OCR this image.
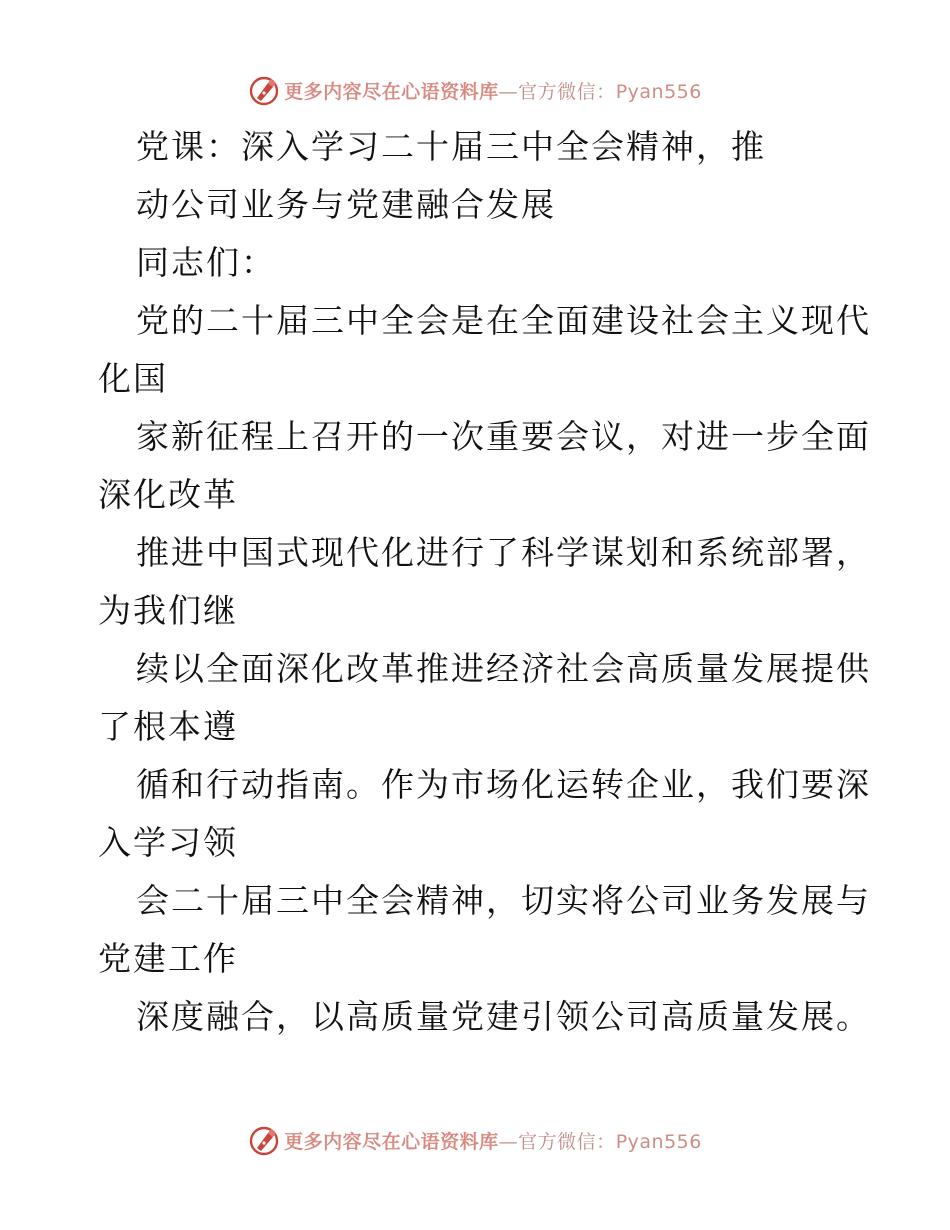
更多内容尽在心语资料库—官方微信：Pyan556
党课：深入学习二十届三中全会精神，推
动公司业务与党建融合发展
同志们：
党的二十届三中全会是在全面建设社会主义现代
化国
家新征程上召开的一次重要会议，对进一步全面
深化改革
推进中国式现代化进行了科学谋划和系统部署，
为我们继
续以全面深化改革推进经济社会高质量发展提供
了根本遵
循和行动指南。作为市场化运转企业，我们要深
入学习领
会二十届三中全会精神，切实将公司业务发展与
党建工作
深度融合，以高质量党建引领公司高质量发展。
更多内容尽在心语资料库—官方微信：Pyan556
